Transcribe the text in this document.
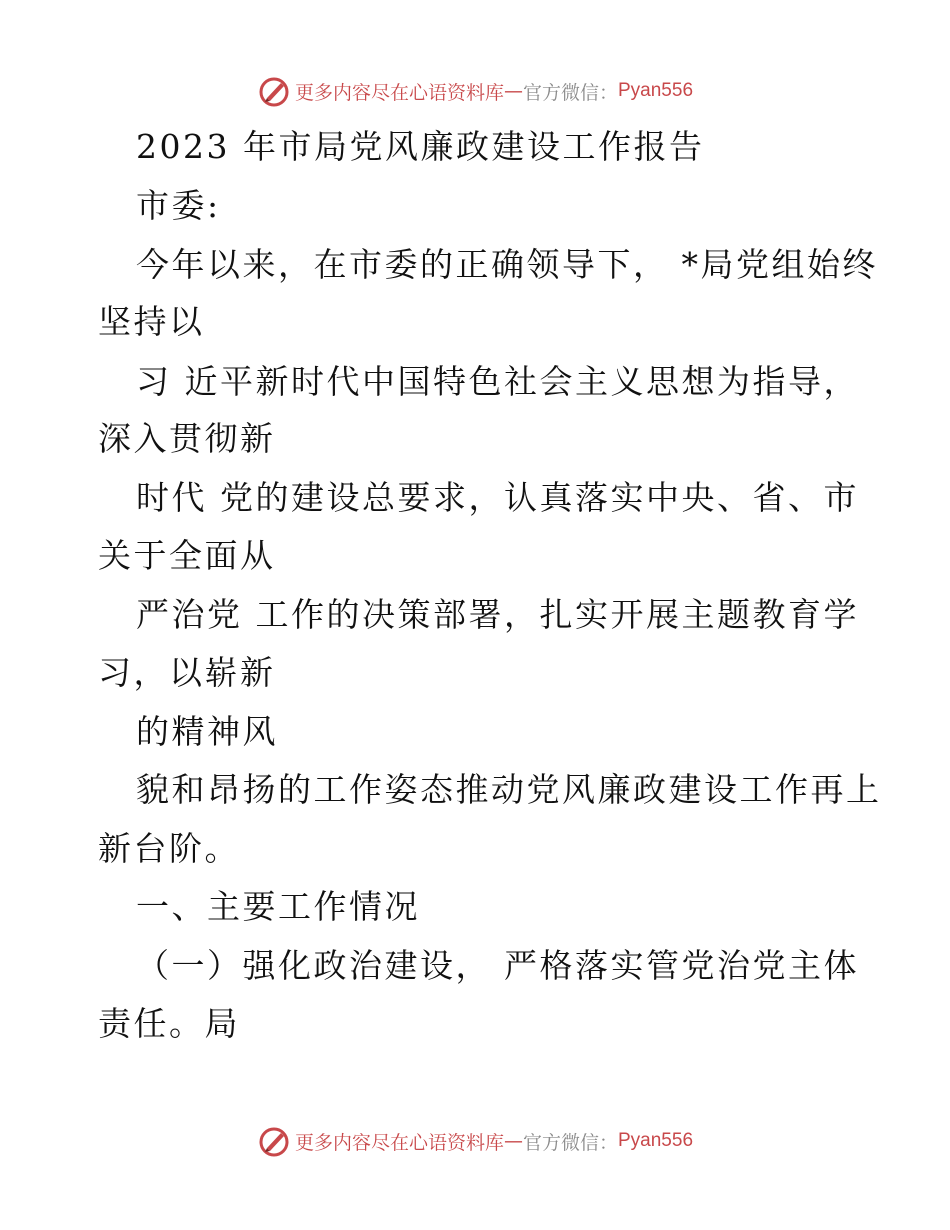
更多内容尽在心语资料库 — 官方微信： Pyan556
2023 年市局党风廉政建设工作报告
市委:
今年以来，在市委的正确领导下， *局党组始终
坚持以
习 近平新时代中国特色社会主义思想为指导，
深入贯彻新
时代 党的建设总要求，认真落实中央、省、市
关于全面从
严治党 工作的决策部署，扎实开展主题教育学
习，以崭新
的精神风
貌和昂扬的工作姿态推动党风廉政建设工作再上
新台阶。
一、主要工作情况
（一）强化政治建设， 严格落实管党治党主体
责任。局
更多内容尽在心语资料库 — 官方微信： Pyan556
